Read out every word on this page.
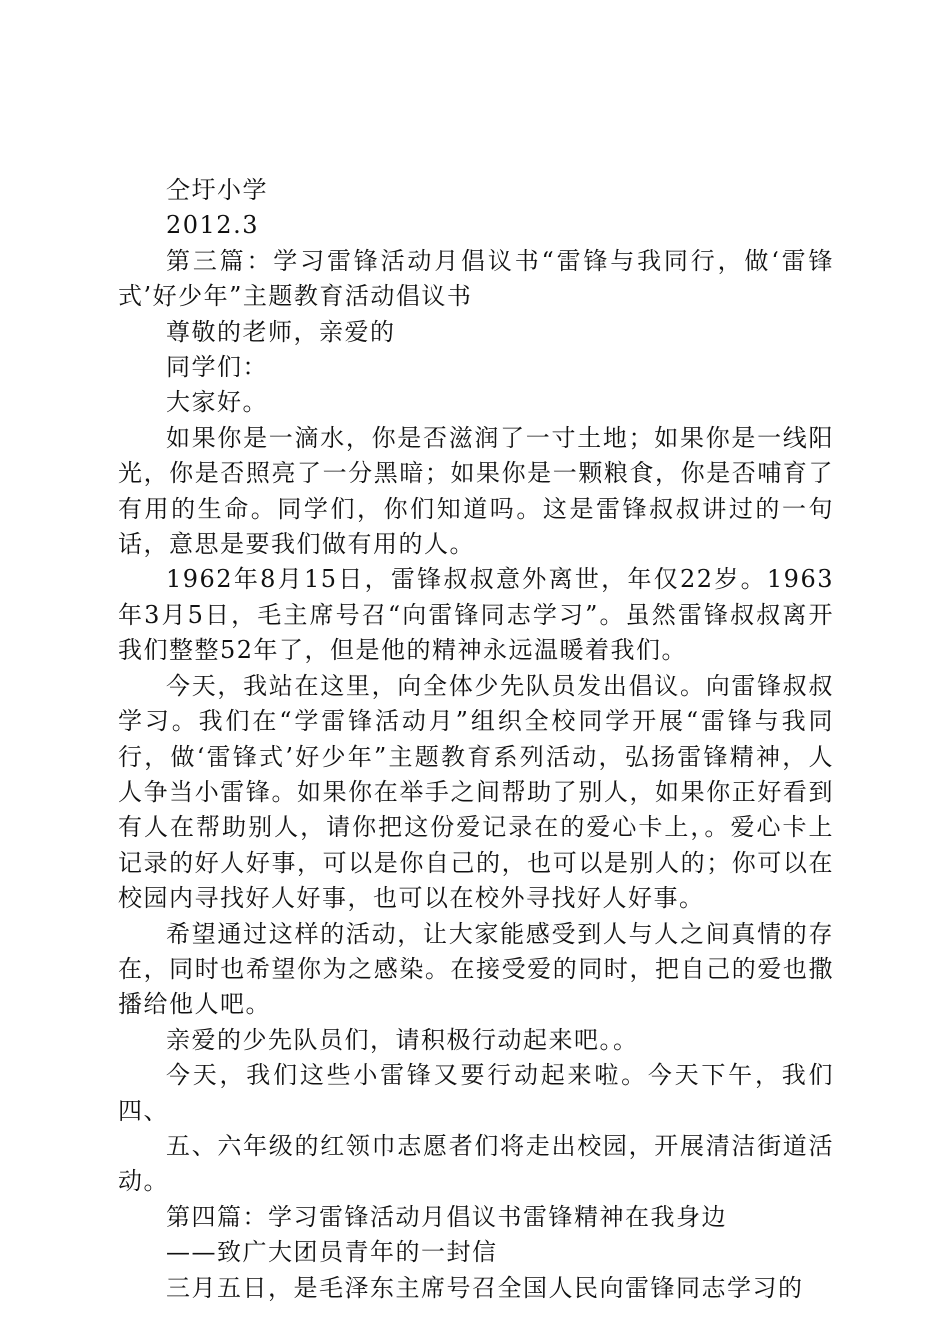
仝圩小学

2012.3

第三篇：学习雷锋活动月倡议书“雷锋与我同行，做‘雷锋式’好少年”主题教育活动倡议书

尊敬的老师，亲爱的

同学们：

大家好。

如果你是一滴水，你是否滋润了一寸土地；如果你是一线阳光，你是否照亮了一分黑暗；如果你是一颗粮食，你是否哺育了有用的生命。同学们，你们知道吗。这是雷锋叔叔讲过的一句话，意思是要我们做有用的人。

1962年8月15日，雷锋叔叔意外离世，年仅22岁。1963年3月5日，毛主席号召“向雷锋同志学习”。虽然雷锋叔叔离开我们整整52年了，但是他的精神永远温暖着我们。

今天，我站在这里，向全体少先队员发出倡议。向雷锋叔叔学习。我们在“学雷锋活动月”组织全校同学开展“雷锋与我同行，做‘雷锋式’好少年”主题教育系列活动，弘扬雷锋精神，人人争当小雷锋。如果你在举手之间帮助了别人，如果你正好看到有人在帮助别人，请你把这份爱记录在的爱心卡上，。爱心卡上记录的好人好事，可以是你自己的，也可以是别人的；你可以在校园内寻找好人好事，也可以在校外寻找好人好事。

希望通过这样的活动，让大家能感受到人与人之间真情的存在，同时也希望你为之感染。在接受爱的同时，把自己的爱也撒播给他人吧。

亲爱的少先队员们，请积极行动起来吧。。

今天，我们这些小雷锋又要行动起来啦。今天下午，我们四、

五、六年级的红领巾志愿者们将走出校园，开展清洁街道活动。

第四篇：学习雷锋活动月倡议书雷锋精神在我身边

——致广大团员青年的一封信

三月五日，是毛泽东主席号召全国人民向雷锋同志学习的
